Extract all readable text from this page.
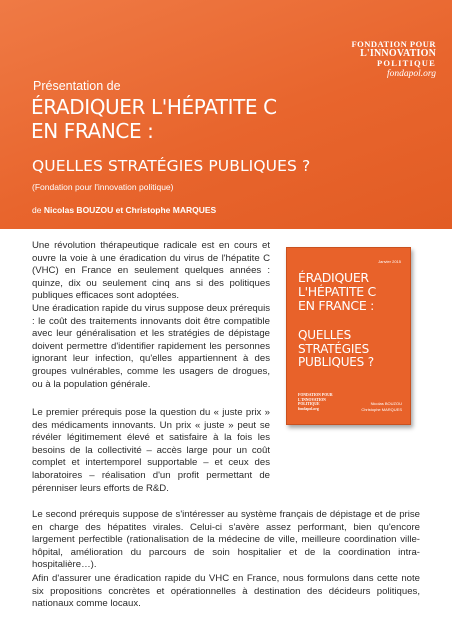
FONDATION POUR
L'INNOVATION
POLITIQUE
fondapol.org
Présentation de
ÉRADIQUER L'HÉPATITE C
EN FRANCE :
QUELLES STRATÉGIES PUBLIQUES ?
(Fondation pour l'innovation politique)
de Nicolas BOUZOU et Christophe MARQUES

Une révolution thérapeutique radicale est en cours et ouvre la voie à une éradication du virus de l'hépatite C (VHC) en France en seulement quelques années : quinze, dix ou seulement cinq ans si des politiques publiques efficaces sont adoptées.

Une éradication rapide du virus suppose deux prérequis : le coût des traitements innovants doit être compatible avec leur généralisation et les stratégies de dépistage doivent permettre d'identifier rapidement les personnes ignorant leur infection, qu'elles appartiennent à des groupes vulnérables, comme les usagers de drogues, ou à la population générale.

Le premier prérequis pose la question du « juste prix » des médicaments innovants. Un prix « juste » peut se révéler légitimement élevé et satisfaire à la fois les besoins de la collectivité – accès large pour un coût complet et intertemporel supportable – et ceux des laboratoires – réalisation d'un profit permettant de pérenniser leurs efforts de R&D.

Le second prérequis suppose de s'intéresser au système français de dépistage et de prise en charge des hépatites virales. Celui-ci s'avère assez performant, bien qu'encore largement perfectible (rationalisation de la médecine de ville, meilleure coordination ville-hôpital, amélioration du parcours de soin hospitalier et de la coordination intra-hospitalière…).

Afin d'assurer une éradication rapide du VHC en France, nous formulons dans cette note six propositions concrètes et opérationnelles à destination des décideurs politiques, nationaux comme locaux.

Janvier 2015
ÉRADIQUER
L'HÉPATITE C
EN FRANCE :
QUELLES
STRATÉGIES
PUBLIQUES ?
FONDATION POUR
L'INNOVATION
POLITIQUE
fondapol.org
Nicolas BOUZOU
Christophe MARQUES
